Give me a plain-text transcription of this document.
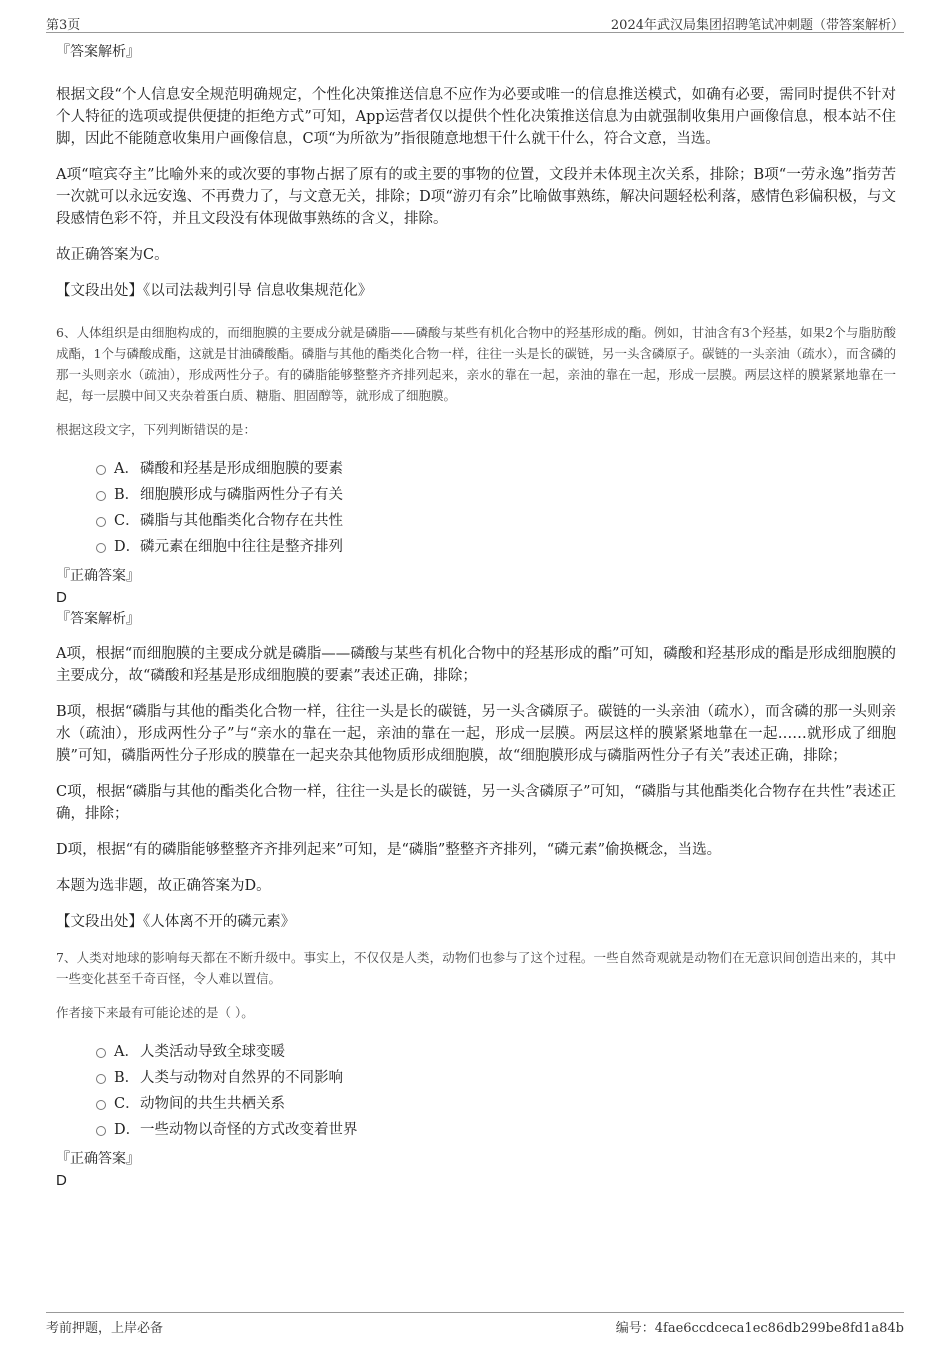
第3页	2024年武汉局集团招聘笔试冲刺题（带答案解析）
『答案解析』

根据文段“个人信息安全规范明确规定，个性化决策推送信息不应作为必要或唯一的信息推送模式，如确有必要，需同时提供不针对个人特征的选项或提供便捷的拒绝方式”可知，App运营者仅以提供个性化决策推送信息为由就强制收集用户画像信息，根本站不住脚，因此不能随意收集用户画像信息，C项“为所欲为”指很随意地想干什么就干什么，符合文意，当选。

A项“喧宾夺主”比喻外来的或次要的事物占据了原有的或主要的事物的位置，文段并未体现主次关系，排除；B项“一劳永逸”指劳苦一次就可以永远安逸、不再费力了，与文意无关，排除；D项“游刃有余”比喻做事熟练，解决问题轻松利落，感情色彩偏积极，与文段感情色彩不符，并且文段没有体现做事熟练的含义，排除。

故正确答案为C。

【文段出处】《以司法裁判引导 信息收集规范化》

6、人体组织是由细胞构成的，而细胞膜的主要成分就是磷脂——磷酸与某些有机化合物中的羟基形成的酯。例如，甘油含有3个羟基，如果2个与脂肪酸成酯，1个与磷酸成酯，这就是甘油磷酸酯。磷脂与其他的酯类化合物一样，往往一头是长的碳链，另一头含磷原子。碳链的一头亲油（疏水），而含磷的那一头则亲水（疏油），形成两性分子。有的磷脂能够整整齐齐排列起来，亲水的靠在一起，亲油的靠在一起，形成一层膜。两层这样的膜紧紧地靠在一起，每一层膜中间又夹杂着蛋白质、糖脂、胆固醇等，就形成了细胞膜。

根据这段文字，下列判断错误的是：

A．磷酸和羟基是形成细胞膜的要素
B．细胞膜形成与磷脂两性分子有关
C．磷脂与其他酯类化合物存在共性
D．磷元素在细胞中往往是整齐排列
『正确答案』
D
『答案解析』

A项，根据“而细胞膜的主要成分就是磷脂——磷酸与某些有机化合物中的羟基形成的酯”可知，磷酸和羟基形成的酯是形成细胞膜的主要成分，故“磷酸和羟基是形成细胞膜的要素”表述正确，排除；

B项，根据“磷脂与其他的酯类化合物一样，往往一头是长的碳链，另一头含磷原子。碳链的一头亲油（疏水），而含磷的那一头则亲水（疏油），形成两性分子”与“亲水的靠在一起，亲油的靠在一起，形成一层膜。两层这样的膜紧紧地靠在一起……就形成了细胞膜”可知，磷脂两性分子形成的膜靠在一起夹杂其他物质形成细胞膜，故“细胞膜形成与磷脂两性分子有关”表述正确，排除；

C项，根据“磷脂与其他的酯类化合物一样，往往一头是长的碳链，另一头含磷原子”可知，“磷脂与其他酯类化合物存在共性”表述正确，排除；

D项，根据“有的磷脂能够整整齐齐排列起来”可知，是“磷脂”整整齐齐排列，“磷元素”偷换概念，当选。

本题为选非题，故正确答案为D。

【文段出处】《人体离不开的磷元素》

7、人类对地球的影响每天都在不断升级中。事实上，不仅仅是人类，动物们也参与了这个过程。一些自然奇观就是动物们在无意识间创造出来的，其中一些变化甚至千奇百怪，令人难以置信。

作者接下来最有可能论述的是（ ）。

A．人类活动导致全球变暖
B．人类与动物对自然界的不同影响
C．动物间的共生共栖关系
D．一些动物以奇怪的方式改变着世界
『正确答案』
D
考前押题，上岸必备	编号：4fae6ccdceca1ec86db299be8fd1a84b
